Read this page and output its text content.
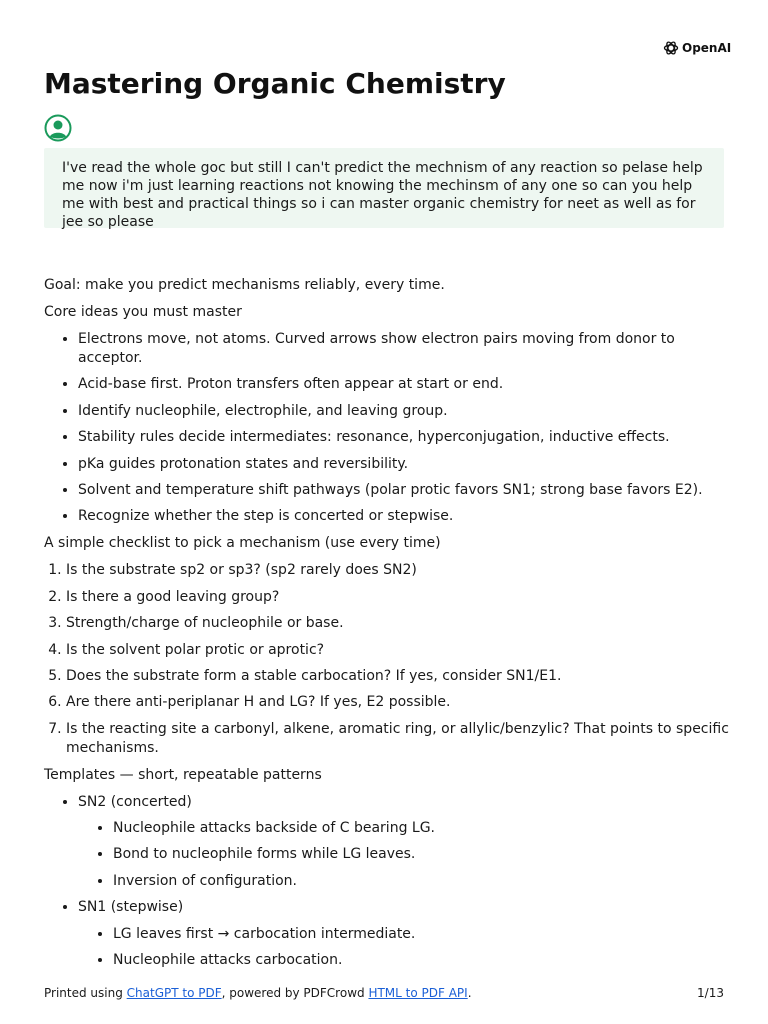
OpenAI
Mastering Organic Chemistry
I've read the whole goc but still I can't predict the mechnism of any reaction so pelase help me now i'm just learning reactions not knowing the mechinsm of any one so can you help me with best and practical things so i can master organic chemistry for neet as well as for jee so please

Goal: make you predict mechanisms reliably, every time.

Core ideas you must master

• Electrons move, not atoms. Curved arrows show electron pairs moving from donor to acceptor.
• Acid-base first. Proton transfers often appear at start or end.
• Identify nucleophile, electrophile, and leaving group.
• Stability rules decide intermediates: resonance, hyperconjugation, inductive effects.
• pKa guides protonation states and reversibility.
• Solvent and temperature shift pathways (polar protic favors SN1; strong base favors E2).
• Recognize whether the step is concerted or stepwise.

A simple checklist to pick a mechanism (use every time)

1. Is the substrate sp2 or sp3? (sp2 rarely does SN2)
2. Is there a good leaving group?
3. Strength/charge of nucleophile or base.
4. Is the solvent polar protic or aprotic?
5. Does the substrate form a stable carbocation? If yes, consider SN1/E1.
6. Are there anti-periplanar H and LG? If yes, E2 possible.
7. Is the reacting site a carbonyl, alkene, aromatic ring, or allylic/benzylic? That points to specific mechanisms.

Templates — short, repeatable patterns

• SN2 (concerted)
• Nucleophile attacks backside of C bearing LG.
• Bond to nucleophile forms while LG leaves.
• Inversion of configuration.
• SN1 (stepwise)
• LG leaves first → carbocation intermediate.
• Nucleophile attacks carbocation.
Printed using ChatGPT to PDF, powered by PDFCrowd HTML to PDF API.	1/13
